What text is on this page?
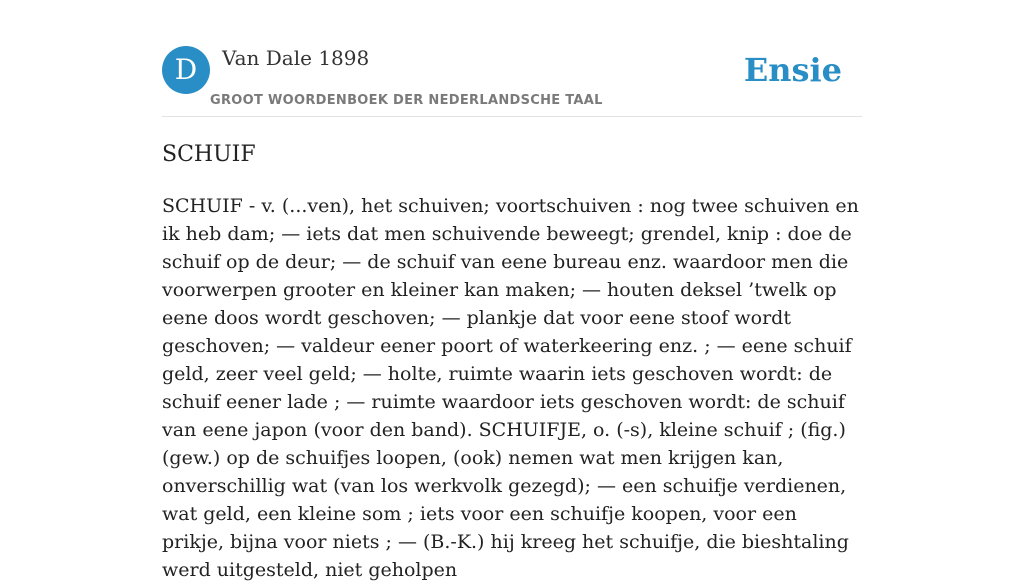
D	Van Dale 1898
GROOT WOORDENBOEK DER NEDERLANDSCHE TAAL
Ensie
SCHUIF

SCHUIF - v. (...ven), het schuiven; voortschuiven : nog twee schuiven en ik heb dam; — iets dat men schuivende beweegt; grendel, knip : doe de schuif op de deur; — de schuif van eene bureau enz. waardoor men die voorwerpen grooter en kleiner kan maken; — houten deksel ’twelk op eene doos wordt geschoven; — plankje dat voor eene stoof wordt geschoven; — valdeur eener poort of waterkeering enz. ; — eene schuif geld, zeer veel geld; — holte, ruimte waarin iets geschoven wordt: de schuif eener lade ; — ruimte waardoor iets geschoven wordt: de schuif van eene japon (voor den band). SCHUIFJE, o. (-s), kleine schuif ; (fig.) (gew.) op de schuifjes loopen, (ook) nemen wat men krijgen kan, onverschillig wat (van los werkvolk gezegd); — een schuifje verdienen, wat geld, een kleine som ; iets voor een schuifje koopen, voor een prikje, bijna voor niets ; — (B.-K.) hij kreeg het schuifje, die bieshtaling werd uitgesteld, niet geholpen
